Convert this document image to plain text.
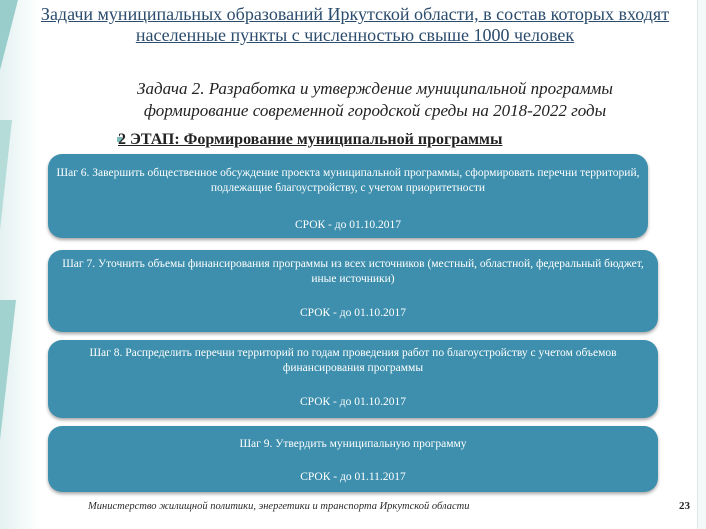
Задачи муниципальных образований Иркутской области, в состав которых входят населенные пункты с численностью свыше 1000 человек
Задача 2. Разработка и утверждение муниципальной программы
формирование современной городской среды на 2018-2022 годы
2 ЭТАП: Формирование муниципальной программы
Шаг 6. Завершить общественное обсуждение проекта муниципальной программы, сформировать перечни территорий, подлежащие благоустройству, с учетом приоритетности
СРОК - до 01.10.2017
Шаг 7. Уточнить объемы финансирования программы из всех источников (местный, областной, федеральный бюджет, иные источники)
СРОК - до 01.10.2017
Шаг 8. Распределить перечни территорий по годам проведения работ по благоустройству с учетом объемов финансирования программы
СРОК - до 01.10.2017
Шаг 9. Утвердить муниципальную программу
СРОК - до 01.11.2017
Министерство жилищной политики, энергетики и транспорта Иркутской области	23
